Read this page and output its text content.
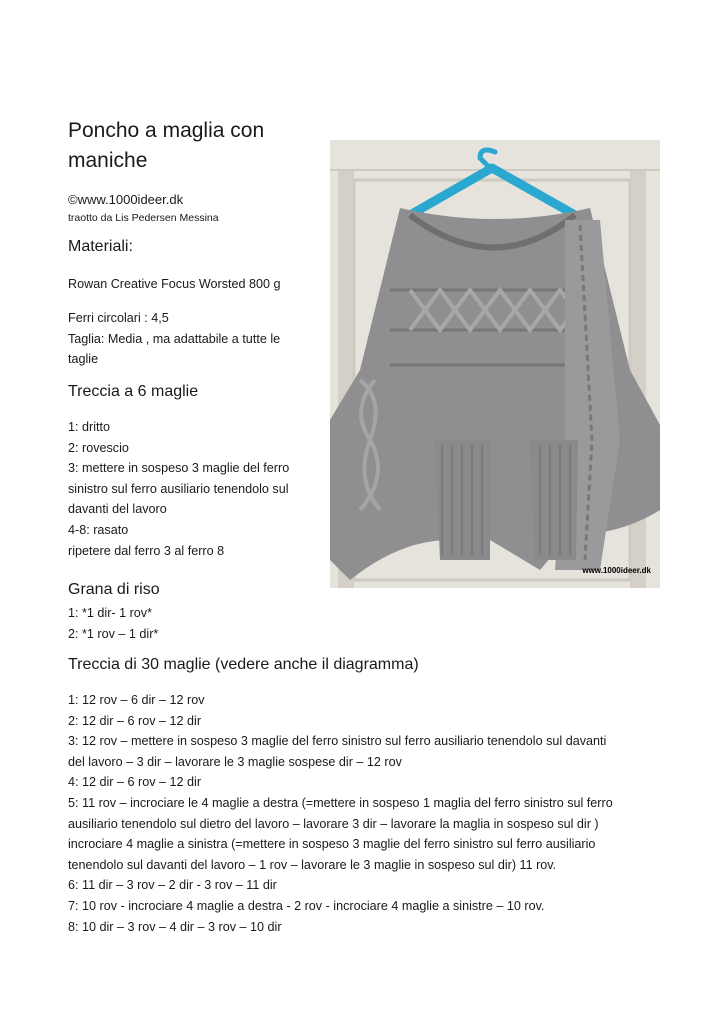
Poncho a maglia con maniche
©www.1000ideer.dk
traotto da Lis Pedersen Messina
Materiali:
Rowan Creative Focus Worsted 800 g
Ferri circolari : 4,5
Taglia: Media , ma adattabile a tutte le
taglie
Treccia a 6 maglie
1: dritto
2: rovescio
3: mettere in sospeso 3 maglie del ferro
sinistro sul ferro ausiliario tenendolo sul
davanti del lavoro
4-8: rasato
ripetere dal ferro 3 al ferro 8
Grana di riso
1: *1 dir- 1 rov*
2: *1 rov – 1 dir*
Treccia di 30 maglie (vedere anche il diagramma)
1: 12 rov – 6 dir – 12 rov
2: 12 dir – 6 rov – 12 dir
3: 12 rov – mettere in sospeso 3 maglie del ferro sinistro sul ferro ausiliario tenendolo sul davanti
del lavoro – 3 dir – lavorare le 3 maglie sospese dir – 12 rov
4: 12 dir – 6 rov – 12 dir
5: 11 rov – incrociare le 4 maglie a destra (=mettere in sospeso 1 maglia del ferro sinistro sul ferro
ausiliario tenendolo sul dietro del lavoro – lavorare 3 dir – lavorare la maglia in sospeso sul dir )
incrociare 4 maglie a sinistra (=mettere in sospeso 3 maglie del ferro sinistro sul ferro ausiliario
tenendolo sul davanti del lavoro – 1 rov – lavorare le 3 maglie in sospeso sul dir) 11 rov.
6: 11 dir – 3 rov – 2 dir - 3 rov – 11 dir
7: 10 rov - incrociare 4 maglie a destra - 2 rov - incrociare 4 maglie a sinistre – 10 rov.
8: 10 dir – 3 rov – 4 dir – 3 rov – 10 dir
www.1000ideer.dk
